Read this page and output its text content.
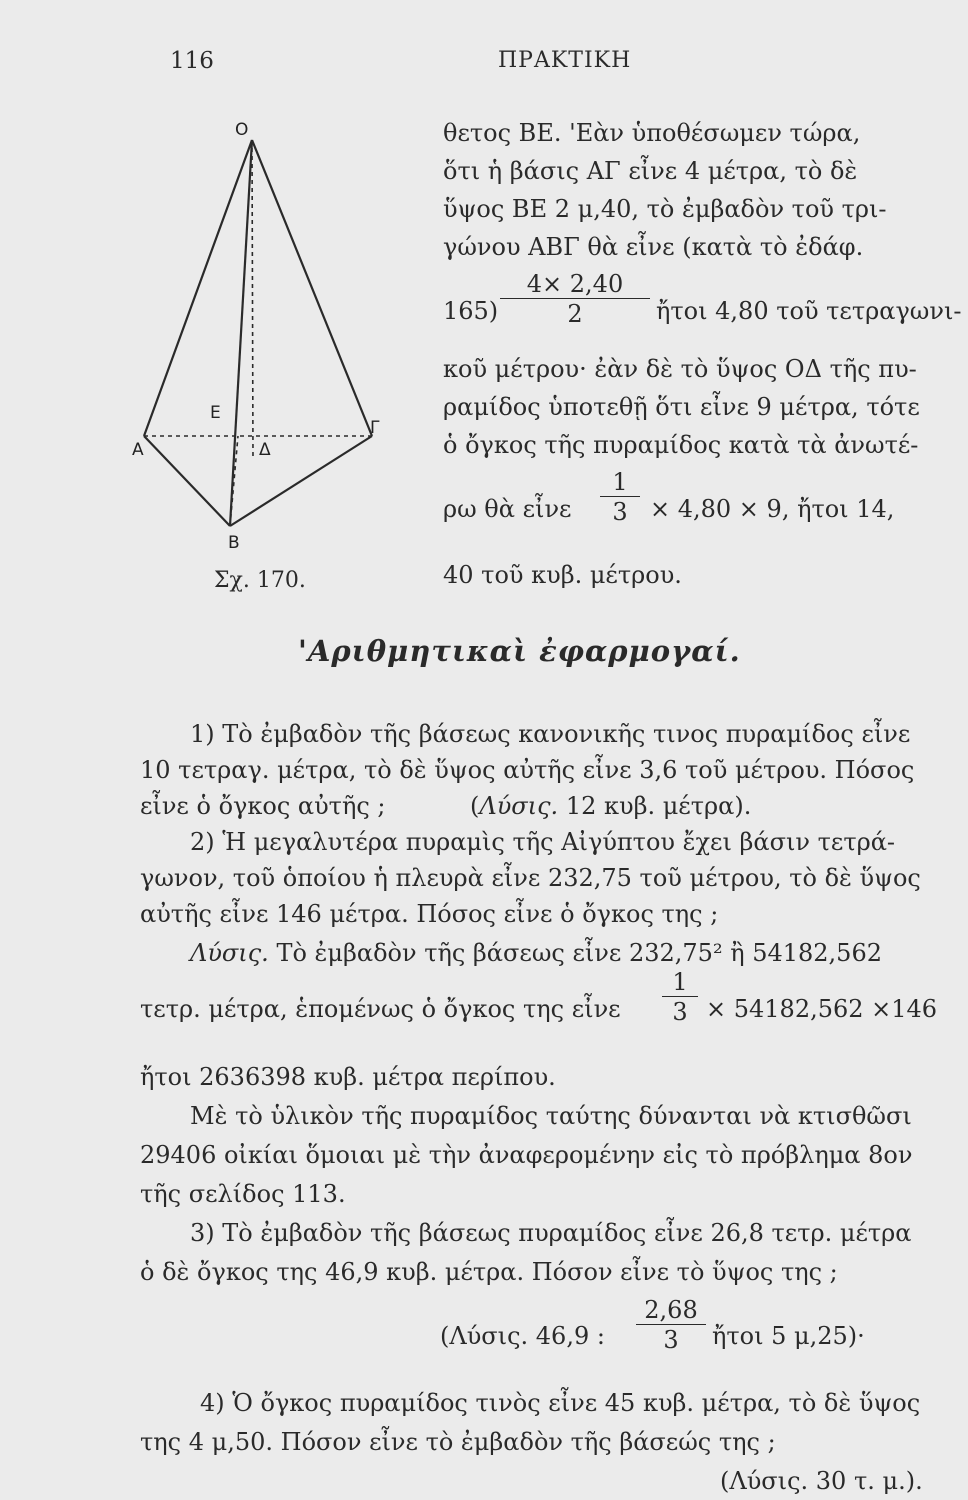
116	ΠΡΑΚΤΙΚΗ
Ο
Ε
Α	Δ
Γ
Β
Σχ. 170.
θετος ΒΕ. 'Εὰν ὑποθέσωμεν τώρα,
ὅτι ἡ βάσις ΑΓ εἶνε 4 μέτρα, τὸ δὲ
ὕψος ΒΕ 2 μ,40, τὸ ἐμβαδὸν τοῦ τρι-
γώνου ΑΒΓ θὰ εἶνε (κατὰ τὸ ἐδάφ.
165)
4× 2,40
2	ἤτοι 4,80 τοῦ τετραγωνι-
κοῦ μέτρου· ἐὰν δὲ τὸ ὕψος ΟΔ τῆς πυ-
ραμίδος ὑποτεθῇ ὅτι εἶνε 9 μέτρα, τότε
ὁ ὄγκος τῆς πυραμίδος κατὰ τὰ ἀνωτέ-
ρω θὰ εἶνε
1
3 × 4,80 × 9, ἤτοι 14,
40 τοῦ κυβ. μέτρου.
'Αριθμητικαὶ ἐφαρμογαί.
1) Τὸ ἐμβαδὸν τῆς βάσεως κανονικῆς τινος πυραμίδος εἶνε
10 τετραγ. μέτρα, τὸ δὲ ὕψος αὐτῆς εἶνε 3,6 τοῦ μέτρου. Πόσος
εἶνε ὁ ὄγκος αὐτῆς ;	(Λύσις. 12 κυβ. μέτρα).
2) Ἡ μεγαλυτέρα πυραμὶς τῆς Αἰγύπτου ἔχει βάσιν τετρά-
γωνον, τοῦ ὁποίου ἡ πλευρὰ εἶνε 232,75 τοῦ μέτρου, τὸ δὲ ὕψος
αὐτῆς εἶνε 146 μέτρα. Πόσος εἶνε ὁ ὄγκος της ;
Λύσις. Τὸ ἐμβαδὸν τῆς βάσεως εἶνε 232,75² ἢ 54182,562
τετρ. μέτρα, ἑπομένως ὁ ὄγκος της εἶνε
1
3 × 54182,562 ×146
ἤτοι 2636398 κυβ. μέτρα περίπου.
Μὲ τὸ ὑλικὸν τῆς πυραμίδος ταύτης δύνανται νὰ κτισθῶσι
29406 οἰκίαι ὅμοιαι μὲ τὴν ἀναφερομένην εἰς τὸ πρόβλημα 8ον
τῆς σελίδος 113.
3) Τὸ ἐμβαδὸν τῆς βάσεως πυραμίδος εἶνε 26,8 τετρ. μέτρα
ὁ δὲ ὄγκος της 46,9 κυβ. μέτρα. Πόσον εἶνε τὸ ὕψος της ;
(Λύσις. 46,9 :
2,68
3	ἤτοι 5 μ,25)·
4) Ὁ ὄγκος πυραμίδος τινὸς εἶνε 45 κυβ. μέτρα, τὸ δὲ ὕψος
της 4 μ,50. Πόσον εἶνε τὸ ἐμβαδὸν τῆς βάσεώς της ;
(Λύσις. 30 τ. μ.).
